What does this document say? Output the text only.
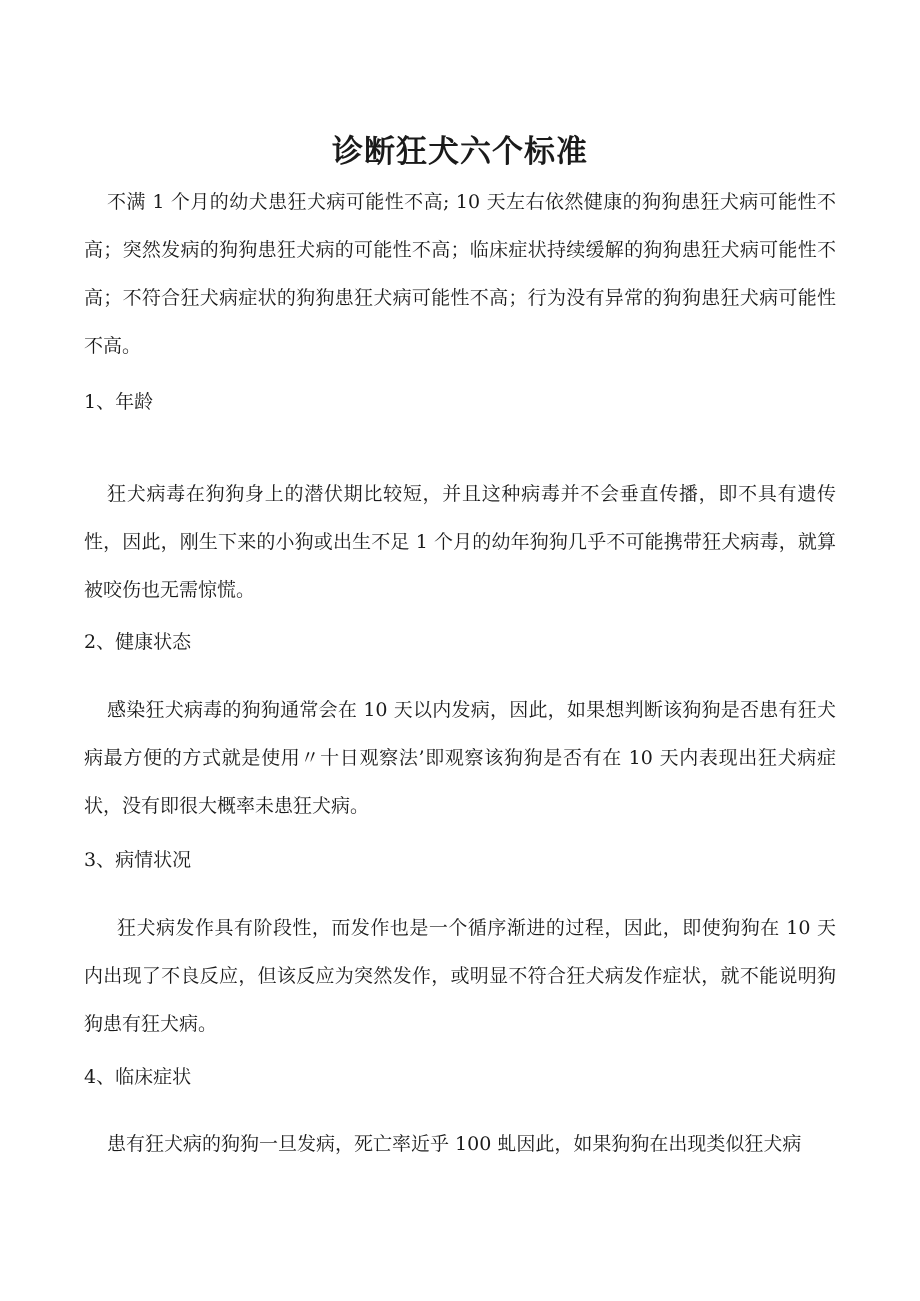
诊断狂犬六个标准

不满 1 个月的幼犬患狂犬病可能性不高; 10 天左右依然健康的狗狗患狂犬病可能性不高；突然发病的狗狗患狂犬病的可能性不高；临床症状持续缓解的狗狗患狂犬病可能性不高；不符合狂犬病症状的狗狗患狂犬病可能性不高；行为没有异常的狗狗患狂犬病可能性不高。

1、年龄

狂犬病毒在狗狗身上的潜伏期比较短，并且这种病毒并不会垂直传播，即不具有遗传性，因此，刚生下来的小狗或出生不足 1 个月的幼年狗狗几乎不可能携带狂犬病毒，就算被咬伤也无需惊慌。

2、健康状态

感染狂犬病毒的狗狗通常会在 10 天以内发病，因此，如果想判断该狗狗是否患有狂犬病最方便的方式就是使用〃十日观察法’即观察该狗狗是否有在 10 天内表现出狂犬病症状，没有即很大概率未患狂犬病。

3、病情状况

狂犬病发作具有阶段性，而发作也是一个循序渐进的过程，因此，即使狗狗在 10 天内出现了不良反应，但该反应为突然发作，或明显不符合狂犬病发作症状，就不能说明狗狗患有狂犬病。

4、临床症状

患有狂犬病的狗狗一旦发病，死亡率近乎 100 虬因此，如果狗狗在出现类似狂犬病
